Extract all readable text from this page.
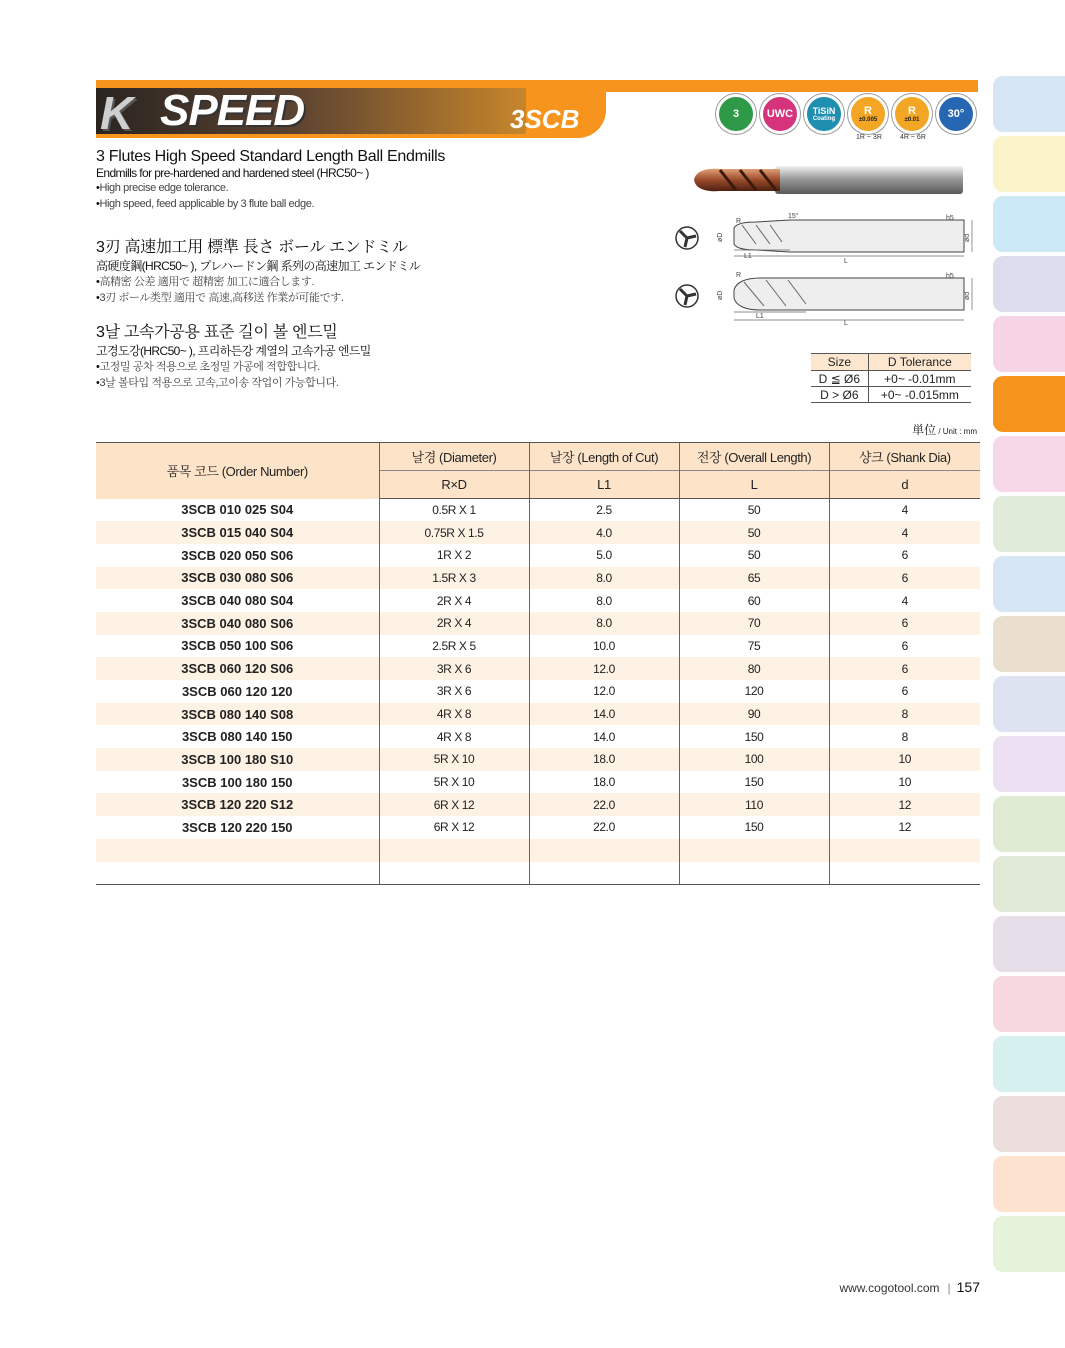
K SPEED	3SCB	3	UWC TiSiN
Coating
R
±0.005
R
±0.01	30°
1R ~ 3R	4R ~ 6R
3 Flutes High Speed Standard Length Ball Endmills
Endmills for pre-hardened and hardened steel (HRC50~ )
• High precise edge tolerance.
• High speed, feed applicable by 3 flute ball edge.
3刃 高速加工用 標準 長さ ボール エンドミル
高硬度鋼(HRC50~ ), プレハードン鋼 系列の高速加工 エンドミル
• 高精密 公差 適用で 超精密 加工に適合します.
• 3刃 ボール类型 適用で 高速,高移送 作業が可能です.
3날 고속가공용 표준 길이 볼 엔드밀
고경도강(HRC50~ ), 프리하든강 계열의 고속가공 엔드밀
• 고정밀 공차 적용으로 초정밀 가공에 적합합니다.
• 3날 볼타입 적용으로 고속,고이송 작업이 가능합니다.
R
15°	h5
øD	ød
L1
L
R	h5
øD	ød
L1
L
Size	D Tolerance
D ≦ Ø6	+0~ -0.01mm
D > Ø6	+0~ -0.015mm
単位 / Unit : mm
품목 코드 (Order Number)	날경 (Diameter)	날장 (Length of Cut)	전장 (Overall Length)	샹크 (Shank Dia)
	R×D	L1	L	d
3SCB 010 025 S04	0.5R X 1	2.5	50	4
3SCB 015 040 S04	0.75R X 1.5	4.0	50	4
3SCB 020 050 S06	1R X 2	5.0	50	6
3SCB 030 080 S06	1.5R X 3	8.0	65	6
3SCB 040 080 S04	2R X 4	8.0	60	4
3SCB 040 080 S06	2R X 4	8.0	70	6
3SCB 050 100 S06	2.5R X 5	10.0	75	6
3SCB 060 120 S06	3R X 6	12.0	80	6
3SCB 060 120 120	3R X 6	12.0	120	6
3SCB 080 140 S08	4R X 8	14.0	90	8
3SCB 080 140 150	4R X 8	14.0	150	8
3SCB 100 180 S10	5R X 10	18.0	100	10
3SCB 100 180 150	5R X 10	18.0	150	10
3SCB 120 220 S12	6R X 12	22.0	110	12
3SCB 120 220 150	6R X 12	22.0	150	12

www.cogotool.com | 157
